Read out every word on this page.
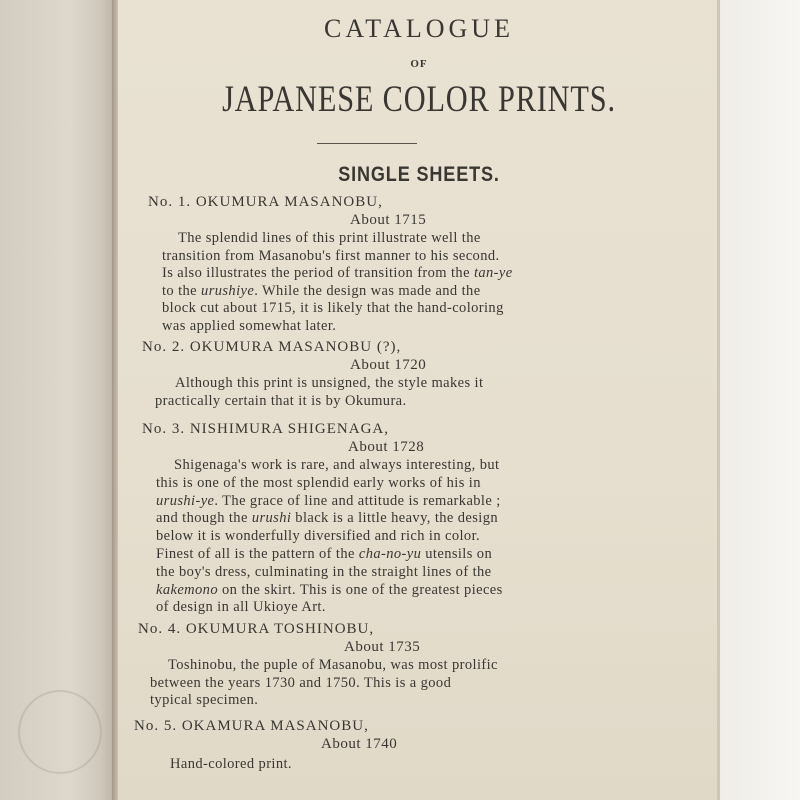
CATALOGUE
OF
JAPANESE COLOR PRINTS.
SINGLE SHEETS.
No. 1. OKUMURA MASANOBU,
About 1715
The splendid lines of this print illustrate well the
transition from Masanobu's first manner to his second.
Is also illustrates the period of transition from the tan-ye
to the urushiye. While the design was made and the
block cut about 1715, it is likely that the hand-coloring
was applied somewhat later.
No. 2. OKUMURA MASANOBU (?),
About 1720
Although this print is unsigned, the style makes it
practically certain that it is by Okumura.
No. 3. NISHIMURA SHIGENAGA,
About 1728
Shigenaga's work is rare, and always interesting, but
this is one of the most splendid early works of his in
urushi-ye. The grace of line and attitude is remarkable ;
and though the urushi black is a little heavy, the design
below it is wonderfully diversified and rich in color.
Finest of all is the pattern of the cha-no-yu utensils on
the boy's dress, culminating in the straight lines of the
kakemono on the skirt. This is one of the greatest pieces
of design in all Ukioye Art.
No. 4. OKUMURA TOSHINOBU,
About 1735
Toshinobu, the puple of Masanobu, was most prolific
between the years 1730 and 1750. This is a good
typical specimen.
No. 5. OKAMURA MASANOBU,
About 1740
Hand-colored print.
